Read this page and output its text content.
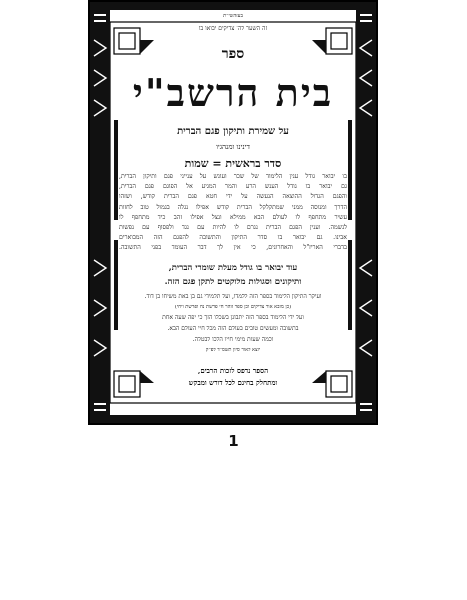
בעזהשי"ת
זה השער לה' צדיקים יבואו בו
ספר
בית הרשב"י
על שמירת ותיקון פגם הברית
דינינו ומנהגיו
סדר בראשית = שמות
בו יבואר גודל ענין הלימוד של שכר ועונש על ענייני פגם ותיקון הברית,
גם יבואר בו גודל הענש הרע והמר המגיע אל הפוגם פגם הברית,
והפגם הגדול ההוצאה הנעשה על ידי חטא פגם הברית קודש, ושזהו
הדרך ומנוסה ממני שמתקלקל הברית קודש אפילו נגלה בגמול טוב לחזות
עשיר מתחפף לו לעולם הבא ממילא ונצל אפילו זהב כיד מתחפף לו
לנשמה. וענין הפגם הברית נגרם לו להיות עם נגד ולפסוף עם נפשות
אבינו. גם יבואר בו סדר התיקון והתשובה להפגם הזה המבוארים
בדברי האריז"ל והאחרונים, כי אין לך דבר העומד בפני התשובה.
עוד יבואר בו גודל מעלת שומרי הברית,
ותיקונים וסגולות מלוקטים לתקן פגם הזה.
ועיקר התיקון הלימוד בספר הזה ללמדו, ועל תלמידי גם בן באת משיחו בן דוד.
(כן מובא אור צדיקים וכן ספר זוהר חי פרשת נח ופרשת ויחי)
ועל ידי הלימוד בספר הזה יתבונן בשכלו הזך כי יפה שעה אחת
בתשובה ומעשים טובים בעולם הזה מכל חיי העולם הבא.
וכמה שעות מימי חייו הלכו לבטלה.
יוצא לאור סיון תשס"ד לפ"ק
הספר נדפס לזכות הרבים,
ומתחלק בחינם לכל דורש ומבקש
1
